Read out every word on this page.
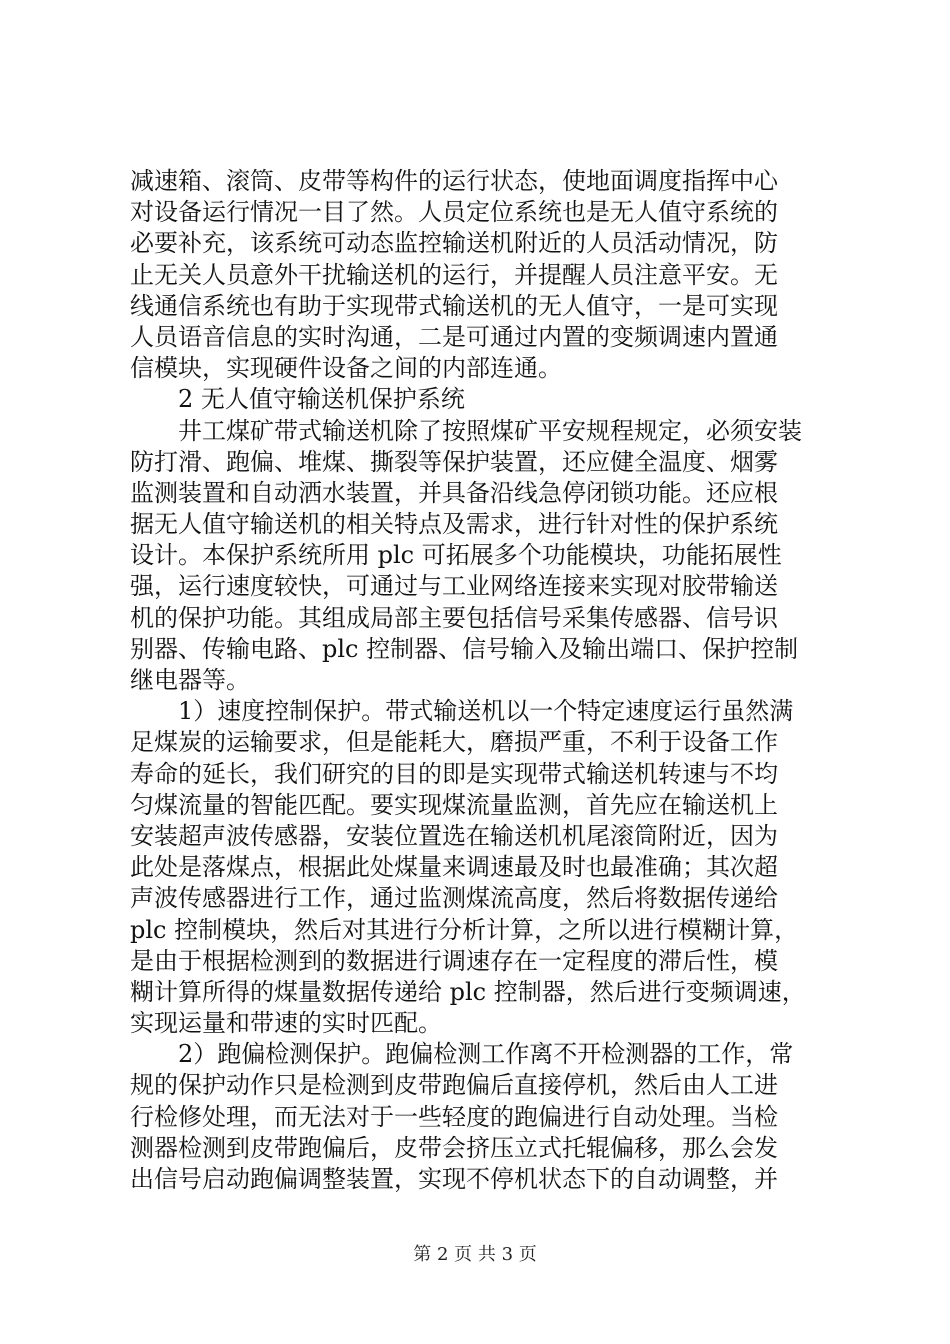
减速箱、滚筒、皮带等构件的运行状态，使地面调度指挥中心
对设备运行情况一目了然。人员定位系统也是无人值守系统的
必要补充，该系统可动态监控输送机附近的人员活动情况，防
止无关人员意外干扰输送机的运行，并提醒人员注意平安。无
线通信系统也有助于实现带式输送机的无人值守，一是可实现
人员语音信息的实时沟通，二是可通过内置的变频调速内置通
信模块，实现硬件设备之间的内部连通。
　　2 无人值守输送机保护系统
　　井工煤矿带式输送机除了按照煤矿平安规程规定，必须安装
防打滑、跑偏、堆煤、撕裂等保护装置，还应健全温度、烟雾
监测装置和自动洒水装置，并具备沿线急停闭锁功能。还应根
据无人值守输送机的相关特点及需求，进行针对性的保护系统
设计。本保护系统所用 plc 可拓展多个功能模块，功能拓展性
强，运行速度较快，可通过与工业网络连接来实现对胶带输送
机的保护功能。其组成局部主要包括信号采集传感器、信号识
别器、传输电路、plc 控制器、信号输入及输出端口、保护控制
继电器等。
　　1）速度控制保护。带式输送机以一个特定速度运行虽然满
足煤炭的运输要求，但是能耗大，磨损严重，不利于设备工作
寿命的延长，我们研究的目的即是实现带式输送机转速与不均
匀煤流量的智能匹配。要实现煤流量监测，首先应在输送机上
安装超声波传感器，安装位置选在输送机机尾滚筒附近，因为
此处是落煤点，根据此处煤量来调速最及时也最准确；其次超
声波传感器进行工作，通过监测煤流高度，然后将数据传递给
plc 控制模块，然后对其进行分析计算，之所以进行模糊计算，
是由于根据检测到的数据进行调速存在一定程度的滞后性，模
糊计算所得的煤量数据传递给 plc 控制器，然后进行变频调速，
实现运量和带速的实时匹配。
　　2）跑偏检测保护。跑偏检测工作离不开检测器的工作，常
规的保护动作只是检测到皮带跑偏后直接停机，然后由人工进
行检修处理，而无法对于一些轻度的跑偏进行自动处理。当检
测器检测到皮带跑偏后，皮带会挤压立式托辊偏移，那么会发
出信号启动跑偏调整装置，实现不停机状态下的自动调整，并
第 2 页 共 3 页
